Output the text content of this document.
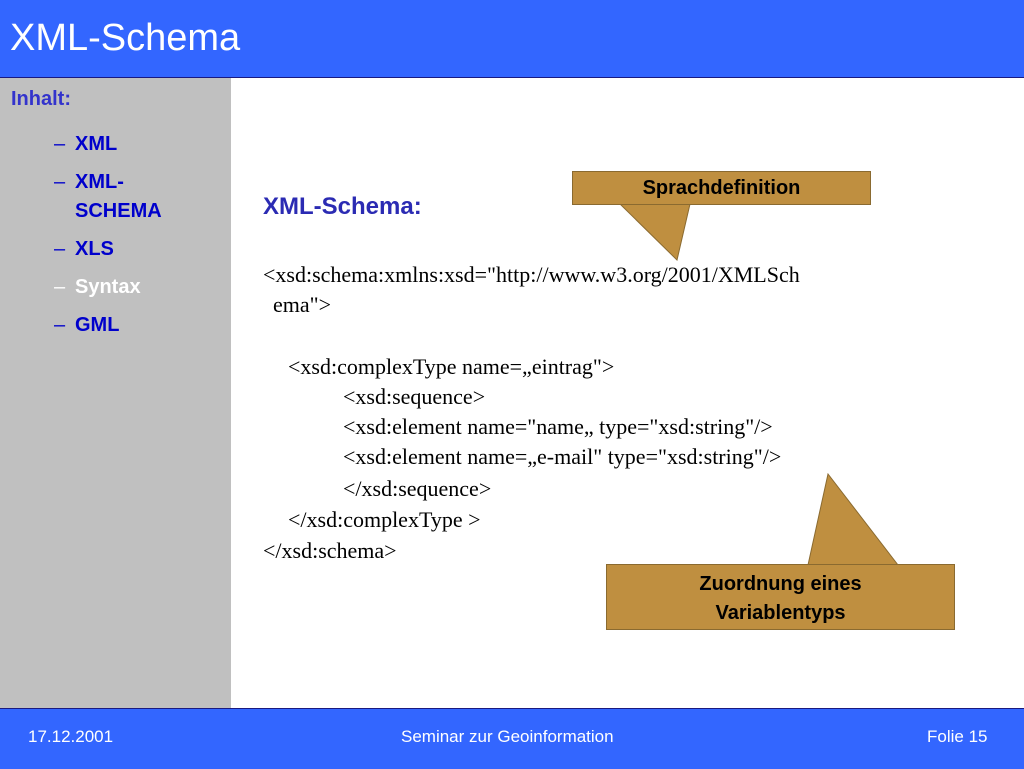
XML-Schema
Inhalt:
– XML
– XML-SCHEMA
– XLS
– Syntax
– GML
XML-Schema:
<xsd:schema:xmlns:xsd="http://www.w3.org/2001/XMLSch
ema">
<xsd:complexType name=„eintrag">
<xsd:sequence>
<xsd:element name="name„ type="xsd:string"/>
<xsd:element name=„e-mail" type="xsd:string"/>
</xsd:sequence>
</xsd:complexType >
</xsd:schema>
Sprachdefinition
Zuordnung eines
Variablentyps
17.12.2001	Seminar zur Geoinformation	Folie 15
